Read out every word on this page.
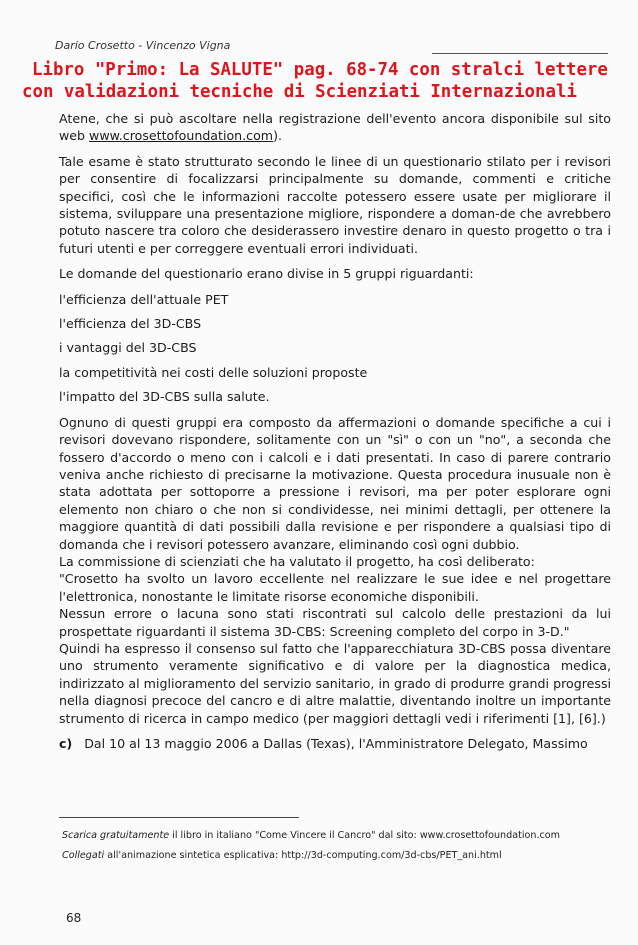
Dario Crosetto - Vincenzo Vigna
Libro "Primo: La SALUTE" pag. 68-74 con stralci lettere
con validazioni tecniche di Scienziati Internazionali

Atene, che si può ascoltare nella registrazione dell'evento ancora disponibile sul sito web www.crosettofoundation.com).

Tale esame è stato strutturato secondo le linee di un questionario stilato per i revisori per consentire di focalizzarsi principalmente su domande, commenti e critiche specifici, così che le informazioni raccolte potessero essere usate per migliorare il sistema, sviluppare una presentazione migliore, rispondere a doman-de che avrebbero potuto nascere tra coloro che desiderassero investire denaro in questo progetto o tra i futuri utenti e per correggere eventuali errori individuati.

Le domande del questionario erano divise in 5 gruppi riguardanti:

l'efficienza dell'attuale PET

l'efficienza del 3D-CBS

i vantaggi del 3D-CBS

la competitività nei costi delle soluzioni proposte

l'impatto del 3D-CBS sulla salute.

Ognuno di questi gruppi era composto da affermazioni o domande specifiche a cui i revisori dovevano rispondere, solitamente con un "sì" o con un "no", a seconda che fossero d'accordo o meno con i calcoli e i dati presentati. In caso di parere contrario veniva anche richiesto di precisarne la motivazione. Questa procedura inusuale non è stata adottata per sottoporre a pressione i revisori, ma per poter esplorare ogni elemento non chiaro o che non si condividesse, nei minimi dettagli, per ottenere la maggiore quantità di dati possibili dalla revisione e per rispondere a qualsiasi tipo di domanda che i revisori potessero avanzare, eliminando così ogni dubbio.

La commissione di scienziati che ha valutato il progetto, ha così deliberato:

"Crosetto ha svolto un lavoro eccellente nel realizzare le sue idee e nel progettare l'elettronica, nonostante le limitate risorse economiche disponibili.

Nessun errore o lacuna sono stati riscontrati sul calcolo delle prestazioni da lui prospettate riguardanti il sistema 3D-CBS: Screening completo del corpo in 3-D."

Quindi ha espresso il consenso sul fatto che l'apparecchiatura 3D-CBS possa diventare uno strumento veramente significativo e di valore per la diagnostica medica, indirizzato al miglioramento del servizio sanitario, in grado di produrre grandi progressi nella diagnosi precoce del cancro e di altre malattie, diventando inoltre un importante strumento di ricerca in campo medico (per maggiori dettagli vedi i riferimenti [1], [6].)

c) Dal 10 al 13 maggio 2006 a Dallas (Texas), l'Amministratore Delegato, Massimo

Scarica gratuitamente il libro in italiano "Come Vincere il Cancro" dal sito: www.crosettofoundation.com

Collegati all'animazione sintetica esplicativa: http://3d-computing.com/3d-cbs/PET_ani.html

68
